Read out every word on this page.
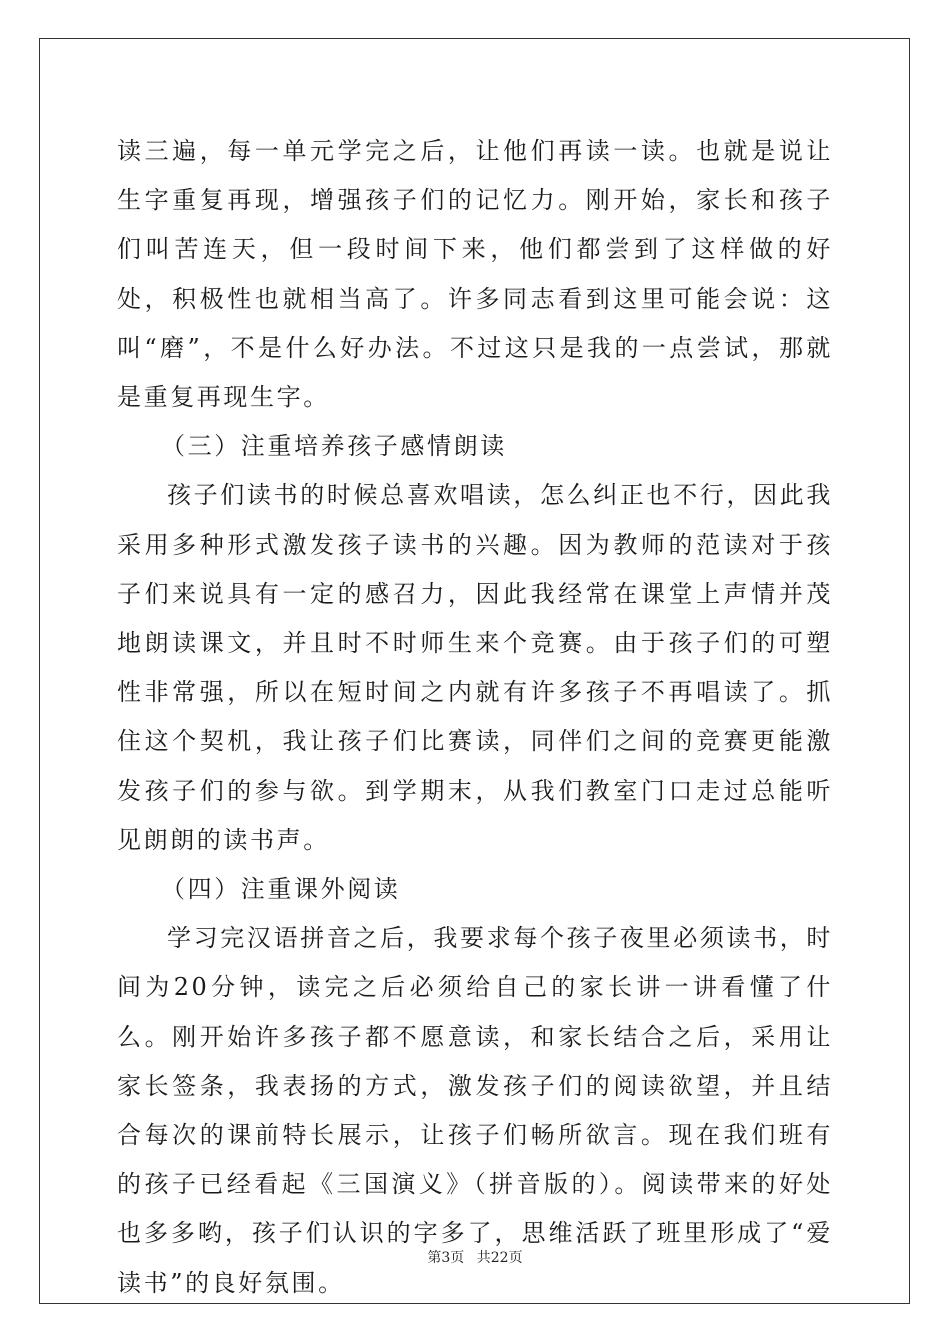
读三遍，每一单元学完之后，让他们再读一读。也就是说让生字重复再现，增强孩子们的记忆力。刚开始，家长和孩子们叫苦连天，但一段时间下来，他们都尝到了这样做的好处，积极性也就相当高了。许多同志看到这里可能会说：这叫“磨”，不是什么好办法。不过这只是我的一点尝试，那就是重复再现生字。

（三）注重培养孩子感情朗读

孩子们读书的时候总喜欢唱读，怎么纠正也不行，因此我采用多种形式激发孩子读书的兴趣。因为教师的范读对于孩子们来说具有一定的感召力，因此我经常在课堂上声情并茂地朗读课文，并且时不时师生来个竞赛。由于孩子们的可塑性非常强，所以在短时间之内就有许多孩子不再唱读了。抓住这个契机，我让孩子们比赛读，同伴们之间的竞赛更能激发孩子们的参与欲。到学期末，从我们教室门口走过总能听见朗朗的读书声。

（四）注重课外阅读

学习完汉语拼音之后，我要求每个孩子夜里必须读书，时间为20分钟，读完之后必须给自己的家长讲一讲看懂了什么。刚开始许多孩子都不愿意读，和家长结合之后，采用让家长签条，我表扬的方式，激发孩子们的阅读欲望，并且结合每次的课前特长展示，让孩子们畅所欲言。现在我们班有的孩子已经看起《三国演义》（拼音版的）。阅读带来的好处也多多哟，孩子们认识的字多了，思维活跃了班里形成了“爱读书”的良好氛围。

第3页 共22页
